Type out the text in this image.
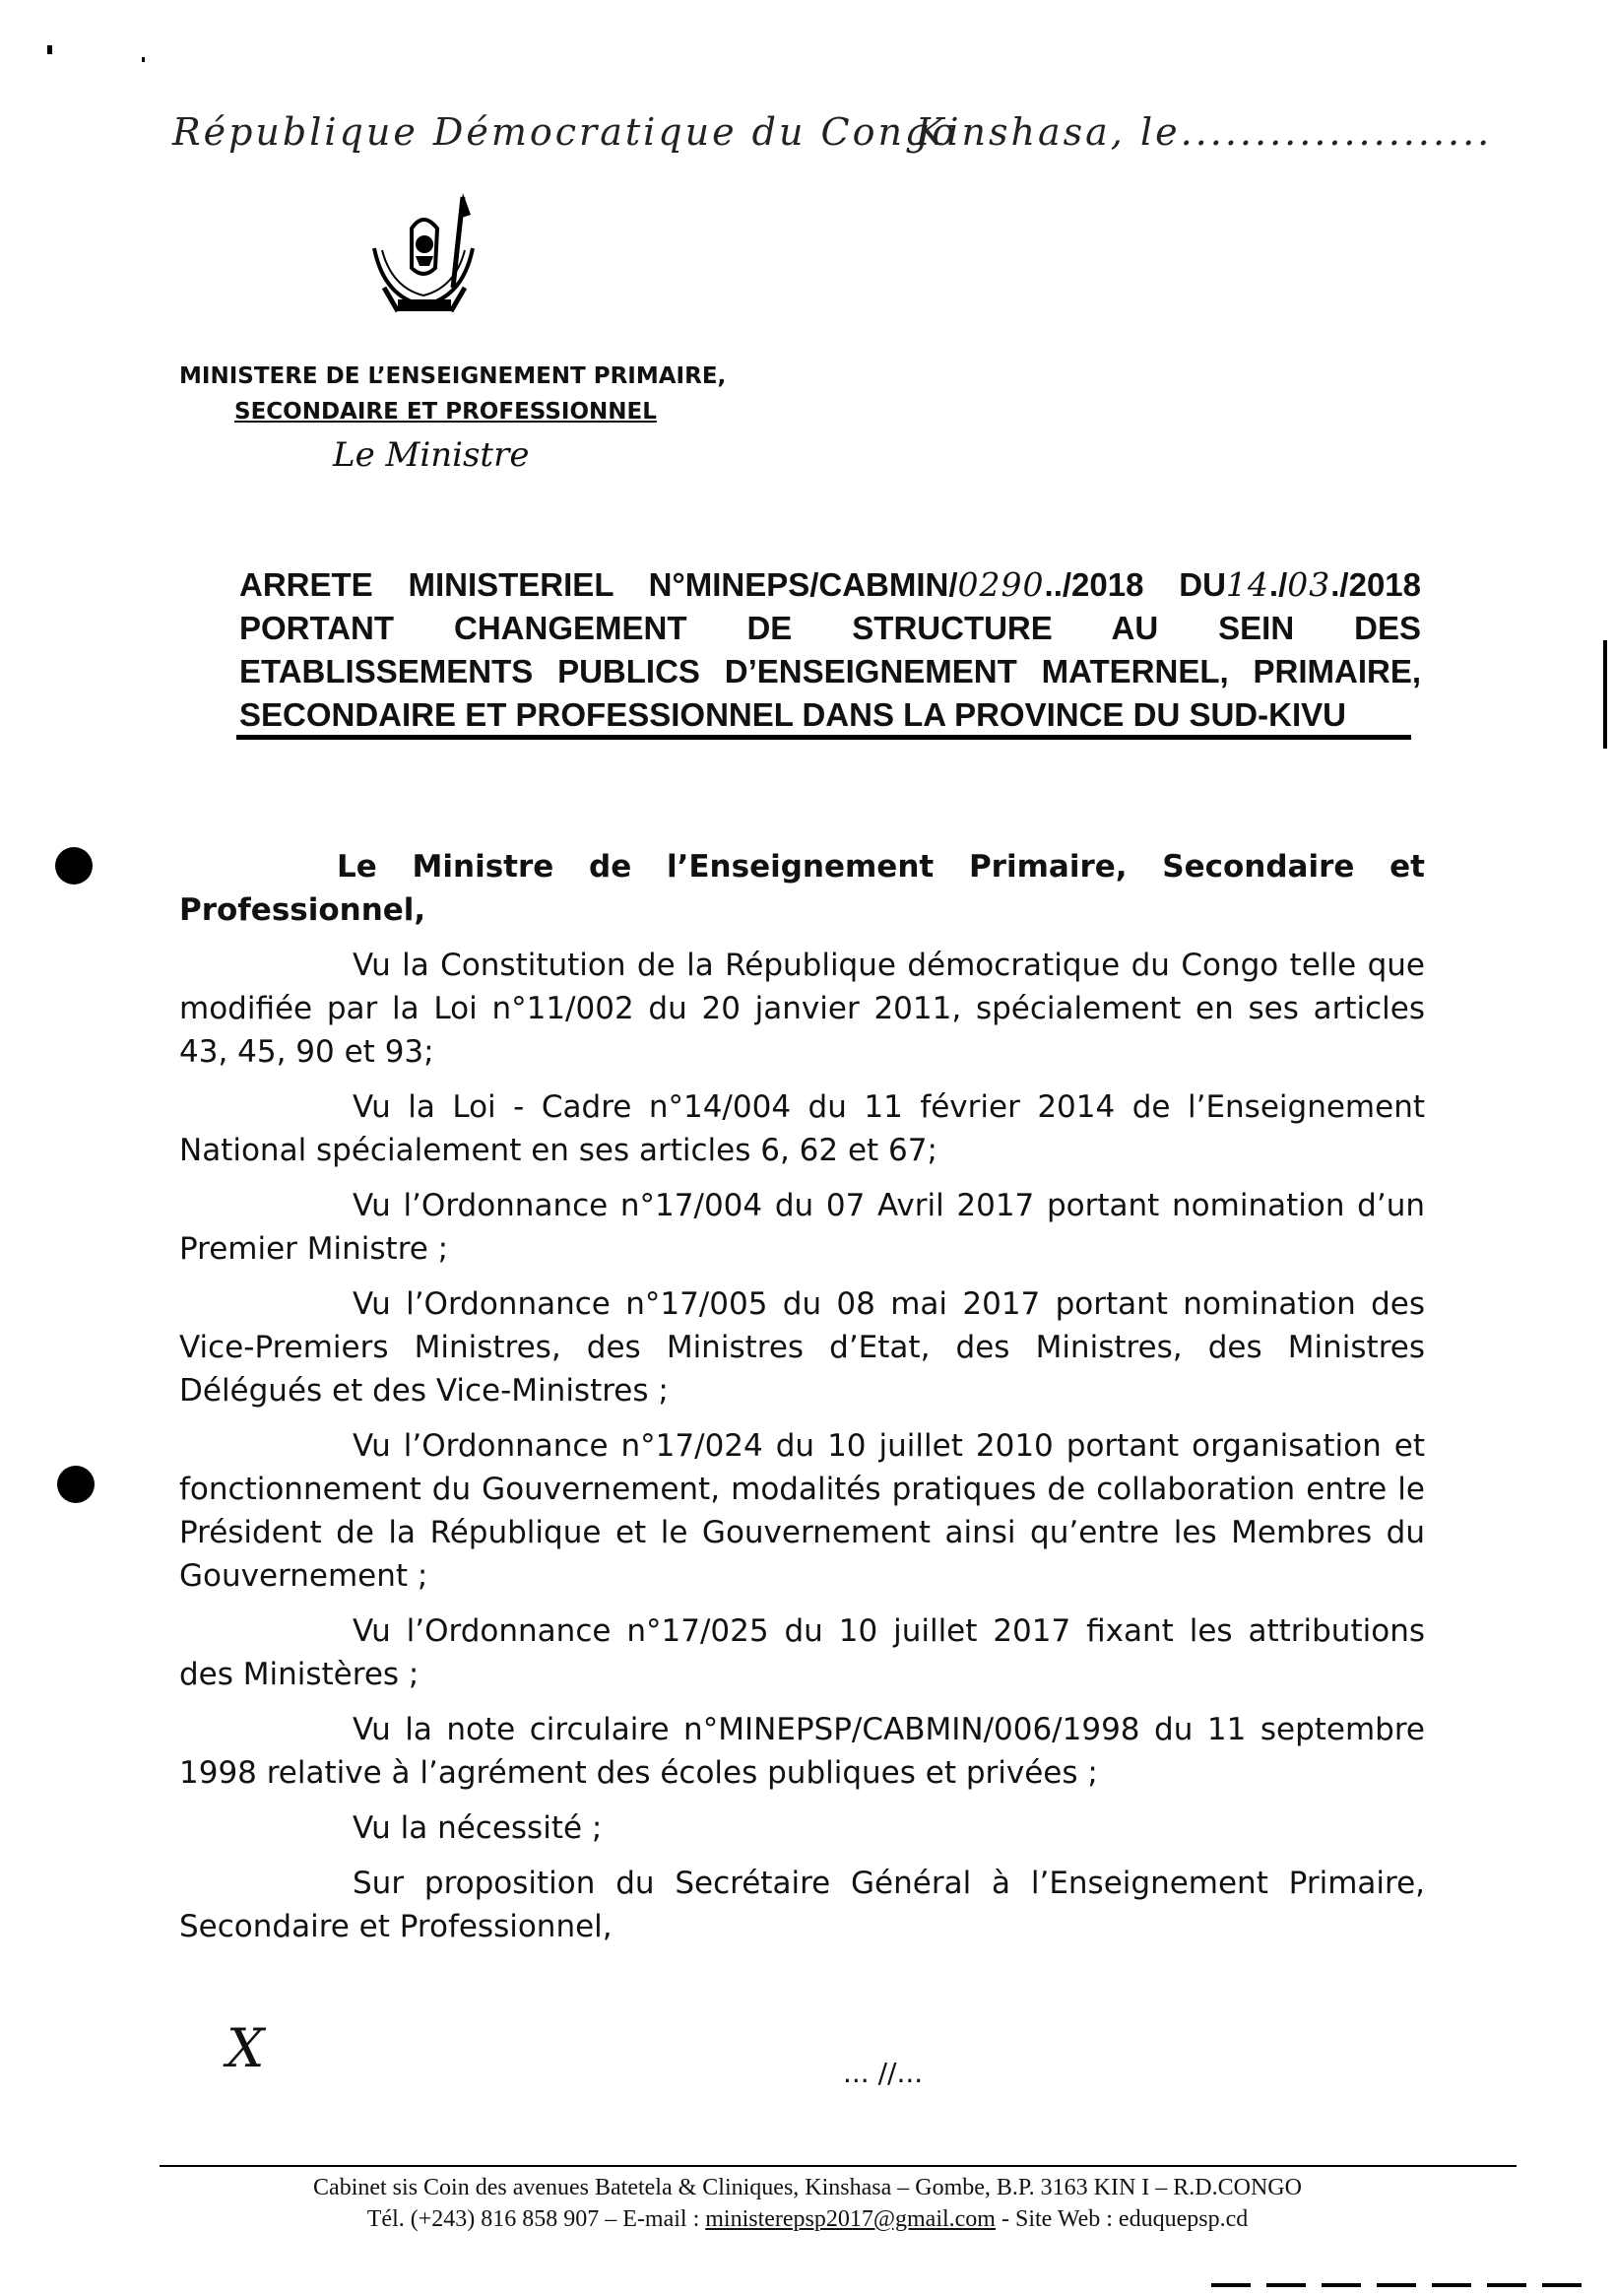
République Démocratique du Congo
Kinshasa, le.....................
MINISTERE DE L’ENSEIGNEMENT PRIMAIRE,
SECONDAIRE ET PROFESSIONNEL
Le Ministre
ARRETE MINISTERIEL N°MINEPS/CABMIN/0290../2018 DU14./03./2018
PORTANT CHANGEMENT DE STRUCTURE AU SEIN DES
ETABLISSEMENTS PUBLICS D’ENSEIGNEMENT MATERNEL, PRIMAIRE,
SECONDAIRE ET PROFESSIONNEL DANS LA PROVINCE DU SUD-KIVU

Le Ministre de l’Enseignement Primaire, Secondaire et Professionnel,

Vu la Constitution de la République démocratique du Congo telle que modifiée par la Loi n°11/002 du 20 janvier 2011, spécialement en ses articles 43, 45, 90 et 93;

Vu la Loi - Cadre n°14/004 du 11 février 2014 de l’Enseignement National spécialement en ses articles 6, 62 et 67;

Vu l’Ordonnance n°17/004 du 07 Avril 2017 portant nomination d’un Premier Ministre ;

Vu l’Ordonnance n°17/005 du 08 mai 2017 portant nomination des Vice-Premiers Ministres, des Ministres d’Etat, des Ministres, des Ministres Délégués et des Vice-Ministres ;

Vu l’Ordonnance n°17/024 du 10 juillet 2010 portant organisation et fonctionnement du Gouvernement, modalités pratiques de collaboration entre le Président de la République et le Gouvernement ainsi qu’entre les Membres du Gouvernement ;

Vu l’Ordonnance n°17/025 du 10 juillet 2017 fixant les attributions des Ministères ;

Vu la note circulaire n°MINEPSP/CABMIN/006/1998 du 11 septembre 1998 relative à l’agrément des écoles publiques et privées ;

Vu la nécessité ;

Sur proposition du Secrétaire Général à l’Enseignement Primaire, Secondaire et Professionnel,

X	... //...
Cabinet sis Coin des avenues Batetela & Cliniques, Kinshasa – Gombe, B.P. 3163 KIN I – R.D.CONGO
Tél. (+243) 816 858 907 – E-mail : ministerepsp2017@gmail.com - Site Web : eduquepsp.cd
